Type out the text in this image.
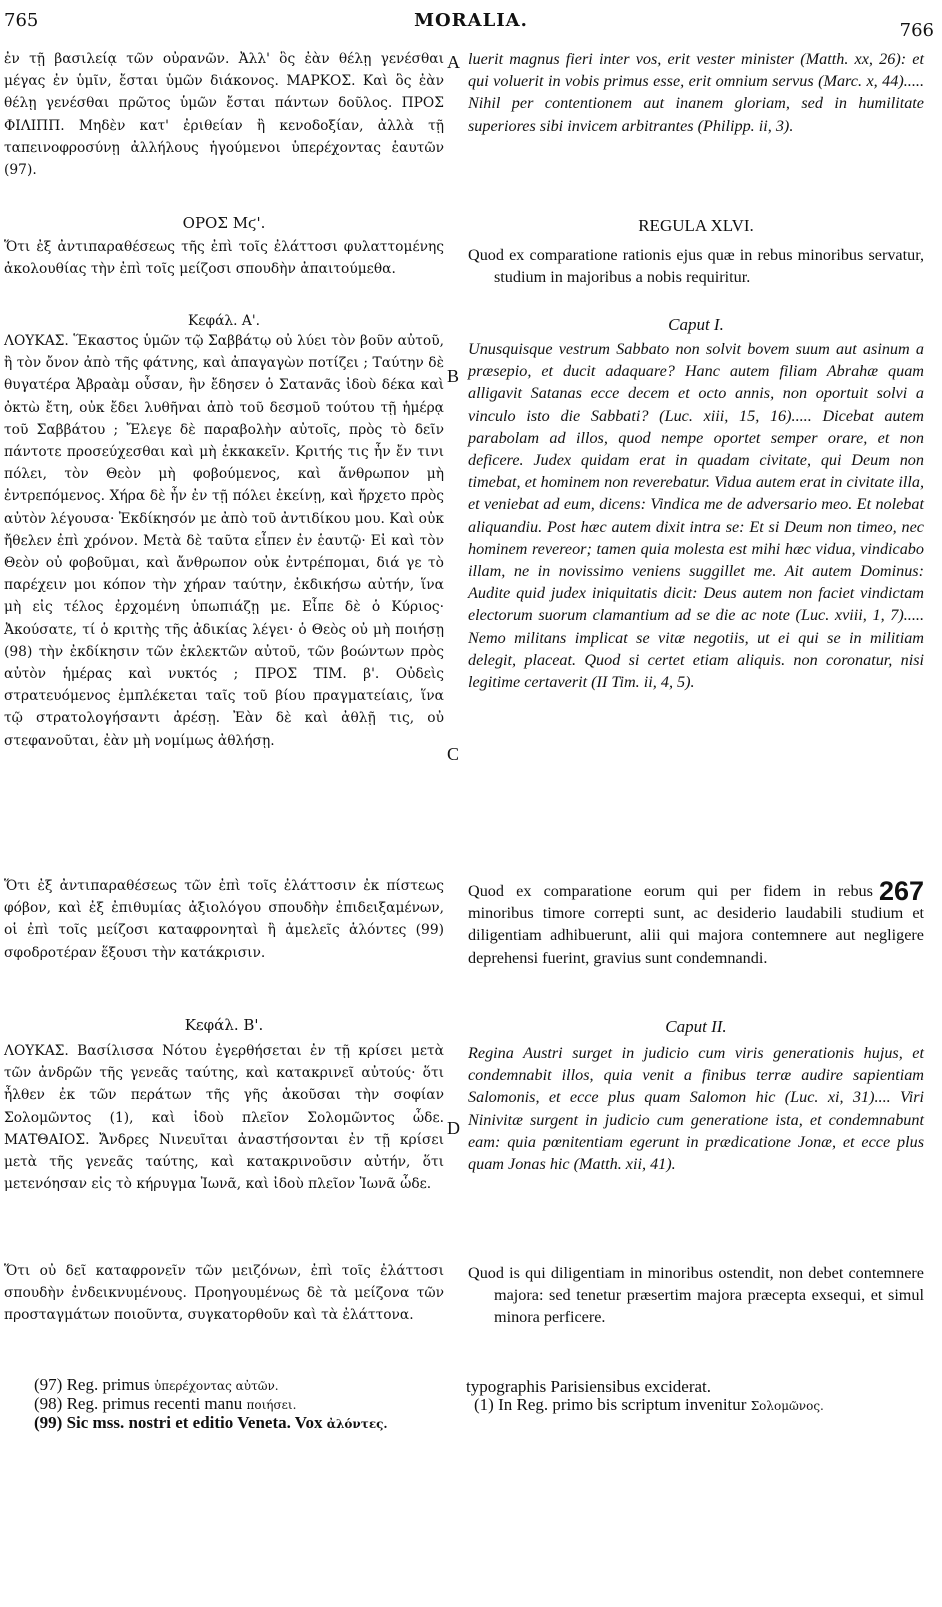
MORALIA.
765	766
A
B
C
D
ἐν τῇ βασιλείᾳ τῶν οὐρανῶν. Ἀλλ' ὃς ἐὰν θέλῃ γενέσθαι μέγας ἐν ὑμῖν, ἔσται ὑμῶν διάκονος. ΜΑΡΚΟΣ. Καὶ ὃς ἐὰν θέλῃ γενέσθαι πρῶτος ὑμῶν ἔσται πάντων δοῦλος. ΠΡΟΣ ΦΙΛΙΠΠ. Μηδὲν κατ' ἐριθείαν ἢ κενοδοξίαν, ἀλλὰ τῇ ταπεινοφροσύνῃ ἀλλήλους ἡγούμενοι ὑπερέχοντας ἑαυτῶν (97).
ΟΡΟΣ Μϛ'.
Ὅτι ἐξ ἀντιπαραθέσεως τῆς ἐπὶ τοῖς ἐλάττοσι φυλαττομένης ἀκολουθίας τὴν ἐπὶ τοῖς μείζοσι σπουδὴν ἀπαιτούμεθα.
Κεφάλ. Α'.
ΛΟΥΚΑΣ. Ἕκαστος ὑμῶν τῷ Σαββάτῳ οὐ λύει τὸν βοῦν αὐτοῦ, ἢ τὸν ὄνον ἀπὸ τῆς φάτνης, καὶ ἀπαγαγὼν ποτίζει ; Ταύτην δὲ θυγατέρα Ἀβραὰμ οὖσαν, ἣν ἔδησεν ὁ Σατανᾶς ἰδοὺ δέκα καὶ ὀκτὼ ἔτη, οὐκ ἔδει λυθῆναι ἀπὸ τοῦ δεσμοῦ τούτου τῇ ἡμέρᾳ τοῦ Σαββάτου ; Ἔλεγε δὲ παραβολὴν αὐτοῖς, πρὸς τὸ δεῖν πάντοτε προσεύχεσθαι καὶ μὴ ἐκκακεῖν. Κριτής τις ἦν ἔν τινι πόλει, τὸν Θεὸν μὴ φοβούμενος, καὶ ἄνθρωπον μὴ ἐντρεπόμενος. Χήρα δὲ ἦν ἐν τῇ πόλει ἐκείνῃ, καὶ ἤρχετο πρὸς αὐτὸν λέγουσα· Ἐκδίκησόν με ἀπὸ τοῦ ἀντιδίκου μου. Καὶ οὐκ ἤθελεν ἐπὶ χρόνον. Μετὰ δὲ ταῦτα εἶπεν ἐν ἑαυτῷ· Εἰ καὶ τὸν Θεὸν οὐ φοβοῦμαι, καὶ ἄνθρωπον οὐκ ἐντρέπομαι, διά γε τὸ παρέχειν μοι κόπον τὴν χήραν ταύτην, ἐκδικήσω αὐτήν, ἵνα μὴ εἰς τέλος ἐρχομένη ὑπωπιάζῃ με. Εἶπε δὲ ὁ Κύριος· Ἀκούσατε, τί ὁ κριτὴς τῆς ἀδικίας λέγει· ὁ Θεὸς οὐ μὴ ποιήσῃ (98) τὴν ἐκδίκησιν τῶν ἐκλεκτῶν αὐτοῦ, τῶν βοώντων πρὸς αὐτὸν ἡμέρας καὶ νυκτός ; ΠΡΟΣ ΤΙΜ. β'. Οὐδεὶς στρατευόμενος ἐμπλέκεται ταῖς τοῦ βίου πραγματείαις, ἵνα τῷ στρατολογήσαντι ἀρέσῃ. Ἐὰν δὲ καὶ ἀθλῇ τις, οὐ στεφανοῦται, ἐὰν μὴ νομίμως ἀθλήσῃ.
Ὅτι ἐξ ἀντιπαραθέσεως τῶν ἐπὶ τοῖς ἐλάττοσιν ἐκ πίστεως φόβον, καὶ ἐξ ἐπιθυμίας ἀξιολόγου σπουδὴν ἐπιδειξαμένων, οἱ ἐπὶ τοῖς μείζοσι καταφρονηταὶ ἢ ἀμελεῖς ἁλόντες (99) σφοδροτέραν ἕξουσι τὴν κατάκρισιν.
Κεφάλ. Β'.
ΛΟΥΚΑΣ. Βασίλισσα Νότου ἐγερθήσεται ἐν τῇ κρίσει μετὰ τῶν ἀνδρῶν τῆς γενεᾶς ταύτης, καὶ κατακρινεῖ αὐτούς· ὅτι ἦλθεν ἐκ τῶν περάτων τῆς γῆς ἀκοῦσαι τὴν σοφίαν Σολομῶντος (1), καὶ ἰδοὺ πλεῖον Σολομῶντος ὧδε. ΜΑΤΘΑΙΟΣ. Ἄνδρες Νινευῖται ἀναστήσονται ἐν τῇ κρίσει μετὰ τῆς γενεᾶς ταύτης, καὶ κατακρινοῦσιν αὐτήν, ὅτι μετενόησαν εἰς τὸ κήρυγμα Ἰωνᾶ, καὶ ἰδοὺ πλεῖον Ἰωνᾶ ὧδε.
Ὅτι οὐ δεῖ καταφρονεῖν τῶν μειζόνων, ἐπὶ τοῖς ἐλάττοσι σπουδὴν ἐνδεικνυμένους. Προηγουμένως δὲ τὰ μείζονα τῶν προσταγμάτων ποιοῦντα, συγκατορθοῦν καὶ τὰ ἐλάττονα.
(97) Reg. primus ὑπερέχοντας αὐτῶν.
(98) Reg. primus recenti manu ποιήσει.
(99) Sic mss. nostri et editio Veneta. Vox ἀλόντες.
luerit magnus fieri inter vos, erit vester minister (Matth. xx, 26): et qui voluerit in vobis primus esse, erit omnium servus (Marc. x, 44)..... Nihil per contentionem aut inanem gloriam, sed in humilitate superiores sibi invicem arbitrantes (Philipp. ii, 3).
REGULA XLVI.
Quod ex comparatione rationis ejus quæ in rebus minoribus servatur, studium in majoribus a nobis requiritur.
Caput I.
Unusquisque vestrum Sabbato non solvit bovem suum aut asinum a præsepio, et ducit adaquare? Hanc autem filiam Abrahæ quam alligavit Satanas ecce decem et octo annis, non oportuit solvi a vinculo isto die Sabbati? (Luc. xiii, 15, 16)..... Dicebat autem parabolam ad illos, quod nempe oportet semper orare, et non deficere. Judex quidam erat in quadam civitate, qui Deum non timebat, et hominem non reverebatur. Vidua autem erat in civitate illa, et veniebat ad eum, dicens: Vindica me de adversario meo. Et nolebat aliquandiu. Post hæc autem dixit intra se: Et si Deum non timeo, nec hominem revereor; tamen quia molesta est mihi hæc vidua, vindicabo illam, ne in novissimo veniens suggillet me. Ait autem Dominus: Audite quid judex iniquitatis dicit: Deus autem non faciet vindictam electorum suorum clamantium ad se die ac note (Luc. xviii, 1, 7)..... Nemo militans implicat se vitæ negotiis, ut ei qui se in militiam delegit, placeat. Quod si certet etiam aliquis. non coronatur, nisi legitime certaverit (II Tim. ii, 4, 5).
267
Quod ex comparatione eorum qui per fidem in rebus minoribus timore correpti sunt, ac desiderio laudabili studium et diligentiam adhibuerunt, alii qui majora contemnere aut negligere deprehensi fuerint, gravius sunt condemnandi.
Caput II.
Regina Austri surget in judicio cum viris generationis hujus, et condemnabit illos, quia venit a finibus terræ audire sapientiam Salomonis, et ecce plus quam Salomon hic (Luc. xi, 31).... Viri Ninivitæ surgent in judicio cum generatione ista, et condemnabunt eam: quia pœnitentiam egerunt in prædicatione Jonæ, et ecce plus quam Jonas hic (Matth. xii, 41).
Quod is qui diligentiam in minoribus ostendit, non debet contemnere majora: sed tenetur præsertim majora præcepta exsequi, et simul minora perficere.
typographis Parisiensibus exciderat.
(1) In Reg. primo bis scriptum invenitur Σολομῶνος.
